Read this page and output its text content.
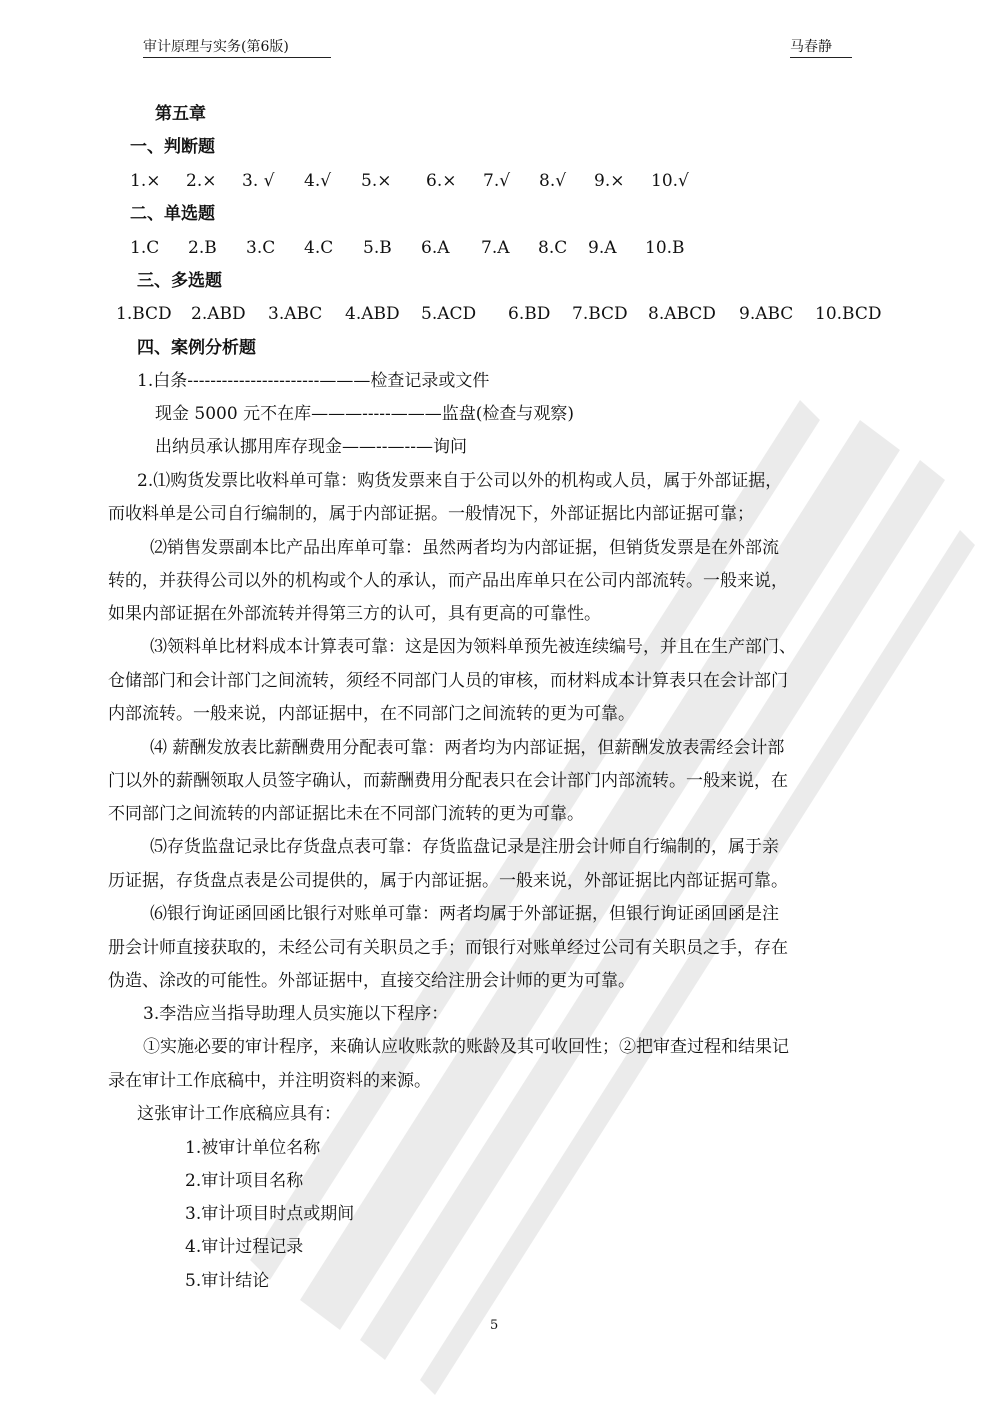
审计原理与实务(第6版)	马春静
第五章
一、判断题
1.× 2.× 3. √ 4.√ 5.× 6.× 7.√ 8.√ 9.× 10.√
二、单选题
1.C 2.B 3.C 4.C 5.B 6.A 7.A 8.C 9.A 10.B
三、多选题
1.BCD 2.ABD 3.ABC 4.ABD 5.ACD 6.BD 7.BCD 8.ABCD 9.ABC 10.BCD
四、案例分析题
1.白条-----------------------———检查记录或文件
现金 5000 元不在库———-----———监盘(检查与观察)
出纳员承认挪用库存现金——--—--—询问
2.⑴购货发票比收料单可靠：购货发票来自于公司以外的机构或人员，属于外部证据，
而收料单是公司自行编制的，属于内部证据。一般情况下，外部证据比内部证据可靠；
⑵销售发票副本比产品出库单可靠：虽然两者均为内部证据，但销货发票是在外部流
转的，并获得公司以外的机构或个人的承认，而产品出库单只在公司内部流转。一般来说，
如果内部证据在外部流转并得第三方的认可，具有更高的可靠性。
⑶领料单比材料成本计算表可靠：这是因为领料单预先被连续编号，并且在生产部门、
仓储部门和会计部门之间流转，须经不同部门人员的审核，而材料成本计算表只在会计部门
内部流转。一般来说，内部证据中，在不同部门之间流转的更为可靠。
⑷ 薪酬发放表比薪酬费用分配表可靠：两者均为内部证据，但薪酬发放表需经会计部
门以外的薪酬领取人员签字确认，而薪酬费用分配表只在会计部门内部流转。一般来说，在
不同部门之间流转的内部证据比未在不同部门流转的更为可靠。
⑸存货监盘记录比存货盘点表可靠：存货监盘记录是注册会计师自行编制的，属于亲
历证据，存货盘点表是公司提供的，属于内部证据。一般来说，外部证据比内部证据可靠。
⑹银行询证函回函比银行对账单可靠：两者均属于外部证据，但银行询证函回函是注
册会计师直接获取的，未经公司有关职员之手；而银行对账单经过公司有关职员之手，存在
伪造、涂改的可能性。外部证据中，直接交给注册会计师的更为可靠。
3.李浩应当指导助理人员实施以下程序：
①实施必要的审计程序，来确认应收账款的账龄及其可收回性；②把审查过程和结果记
录在审计工作底稿中，并注明资料的来源。
这张审计工作底稿应具有：
1.被审计单位名称
2.审计项目名称
3.审计项目时点或期间
4.审计过程记录
5.审计结论
5
